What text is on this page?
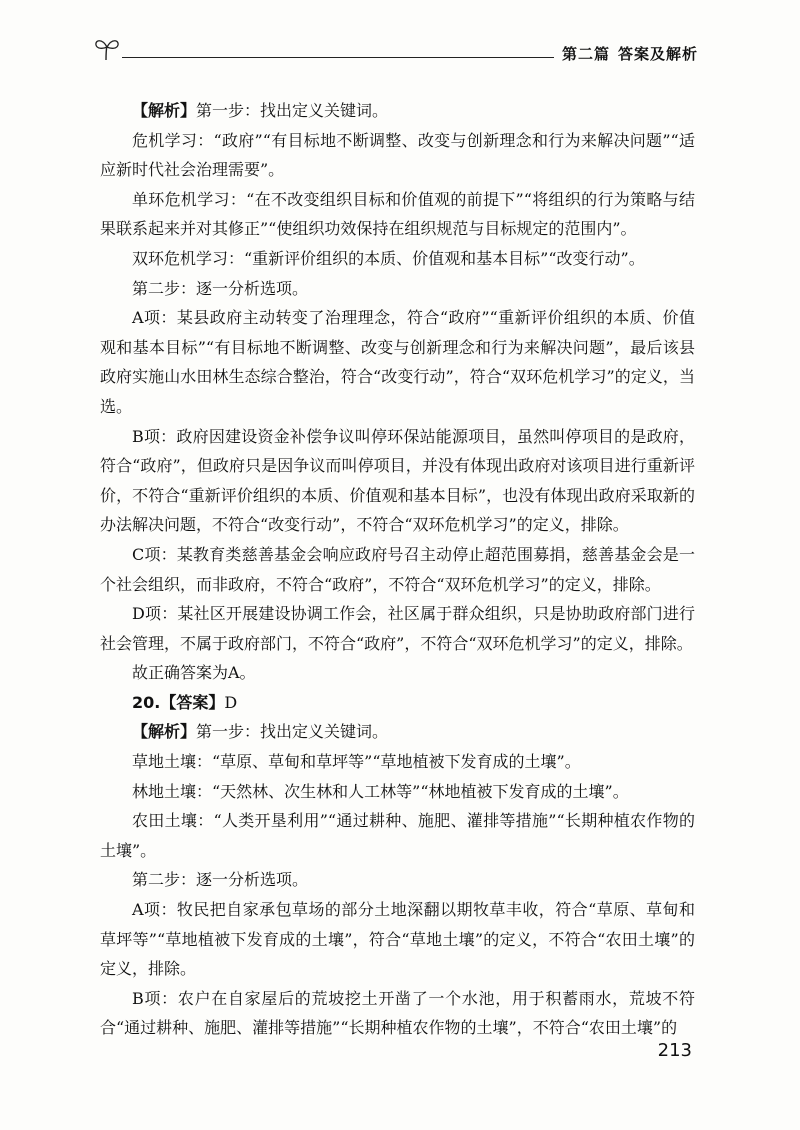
第二篇 答案及解析

【解析】第一步：找出定义关键词。

危机学习：“政府”“有目标地不断调整、改变与创新理念和行为来解决问题”“适应新时代社会治理需要”。

单环危机学习：“在不改变组织目标和价值观的前提下”“将组织的行为策略与结果联系起来并对其修正”“使组织功效保持在组织规范与目标规定的范围内”。

双环危机学习：“重新评价组织的本质、价值观和基本目标”“改变行动”。

第二步：逐一分析选项。

A项：某县政府主动转变了治理理念，符合“政府”“重新评价组织的本质、价值观和基本目标”“有目标地不断调整、改变与创新理念和行为来解决问题”，最后该县政府实施山水田林生态综合整治，符合“改变行动”，符合“双环危机学习”的定义，当选。

B项：政府因建设资金补偿争议叫停环保站能源项目，虽然叫停项目的是政府，符合“政府”，但政府只是因争议而叫停项目，并没有体现出政府对该项目进行重新评价，不符合“重新评价组织的本质、价值观和基本目标”，也没有体现出政府采取新的办法解决问题，不符合“改变行动”，不符合“双环危机学习”的定义，排除。

C项：某教育类慈善基金会响应政府号召主动停止超范围募捐，慈善基金会是一个社会组织，而非政府，不符合“政府”，不符合“双环危机学习”的定义，排除。

D项：某社区开展建设协调工作会，社区属于群众组织，只是协助政府部门进行社会管理，不属于政府部门，不符合“政府”，不符合“双环危机学习”的定义，排除。

故正确答案为A。

20.【答案】D

【解析】第一步：找出定义关键词。

草地土壤：“草原、草甸和草坪等”“草地植被下发育成的土壤”。

林地土壤：“天然林、次生林和人工林等”“林地植被下发育成的土壤”。

农田土壤：“人类开垦利用”“通过耕种、施肥、灌排等措施”“长期种植农作物的土壤”。

第二步：逐一分析选项。

A项：牧民把自家承包草场的部分土地深翻以期牧草丰收，符合“草原、草甸和草坪等”“草地植被下发育成的土壤”，符合“草地土壤”的定义，不符合“农田土壤”的定义，排除。

B项：农户在自家屋后的荒坡挖土开凿了一个水池，用于积蓄雨水，荒坡不符合“通过耕种、施肥、灌排等措施”“长期种植农作物的土壤”，不符合“农田土壤”的

213
